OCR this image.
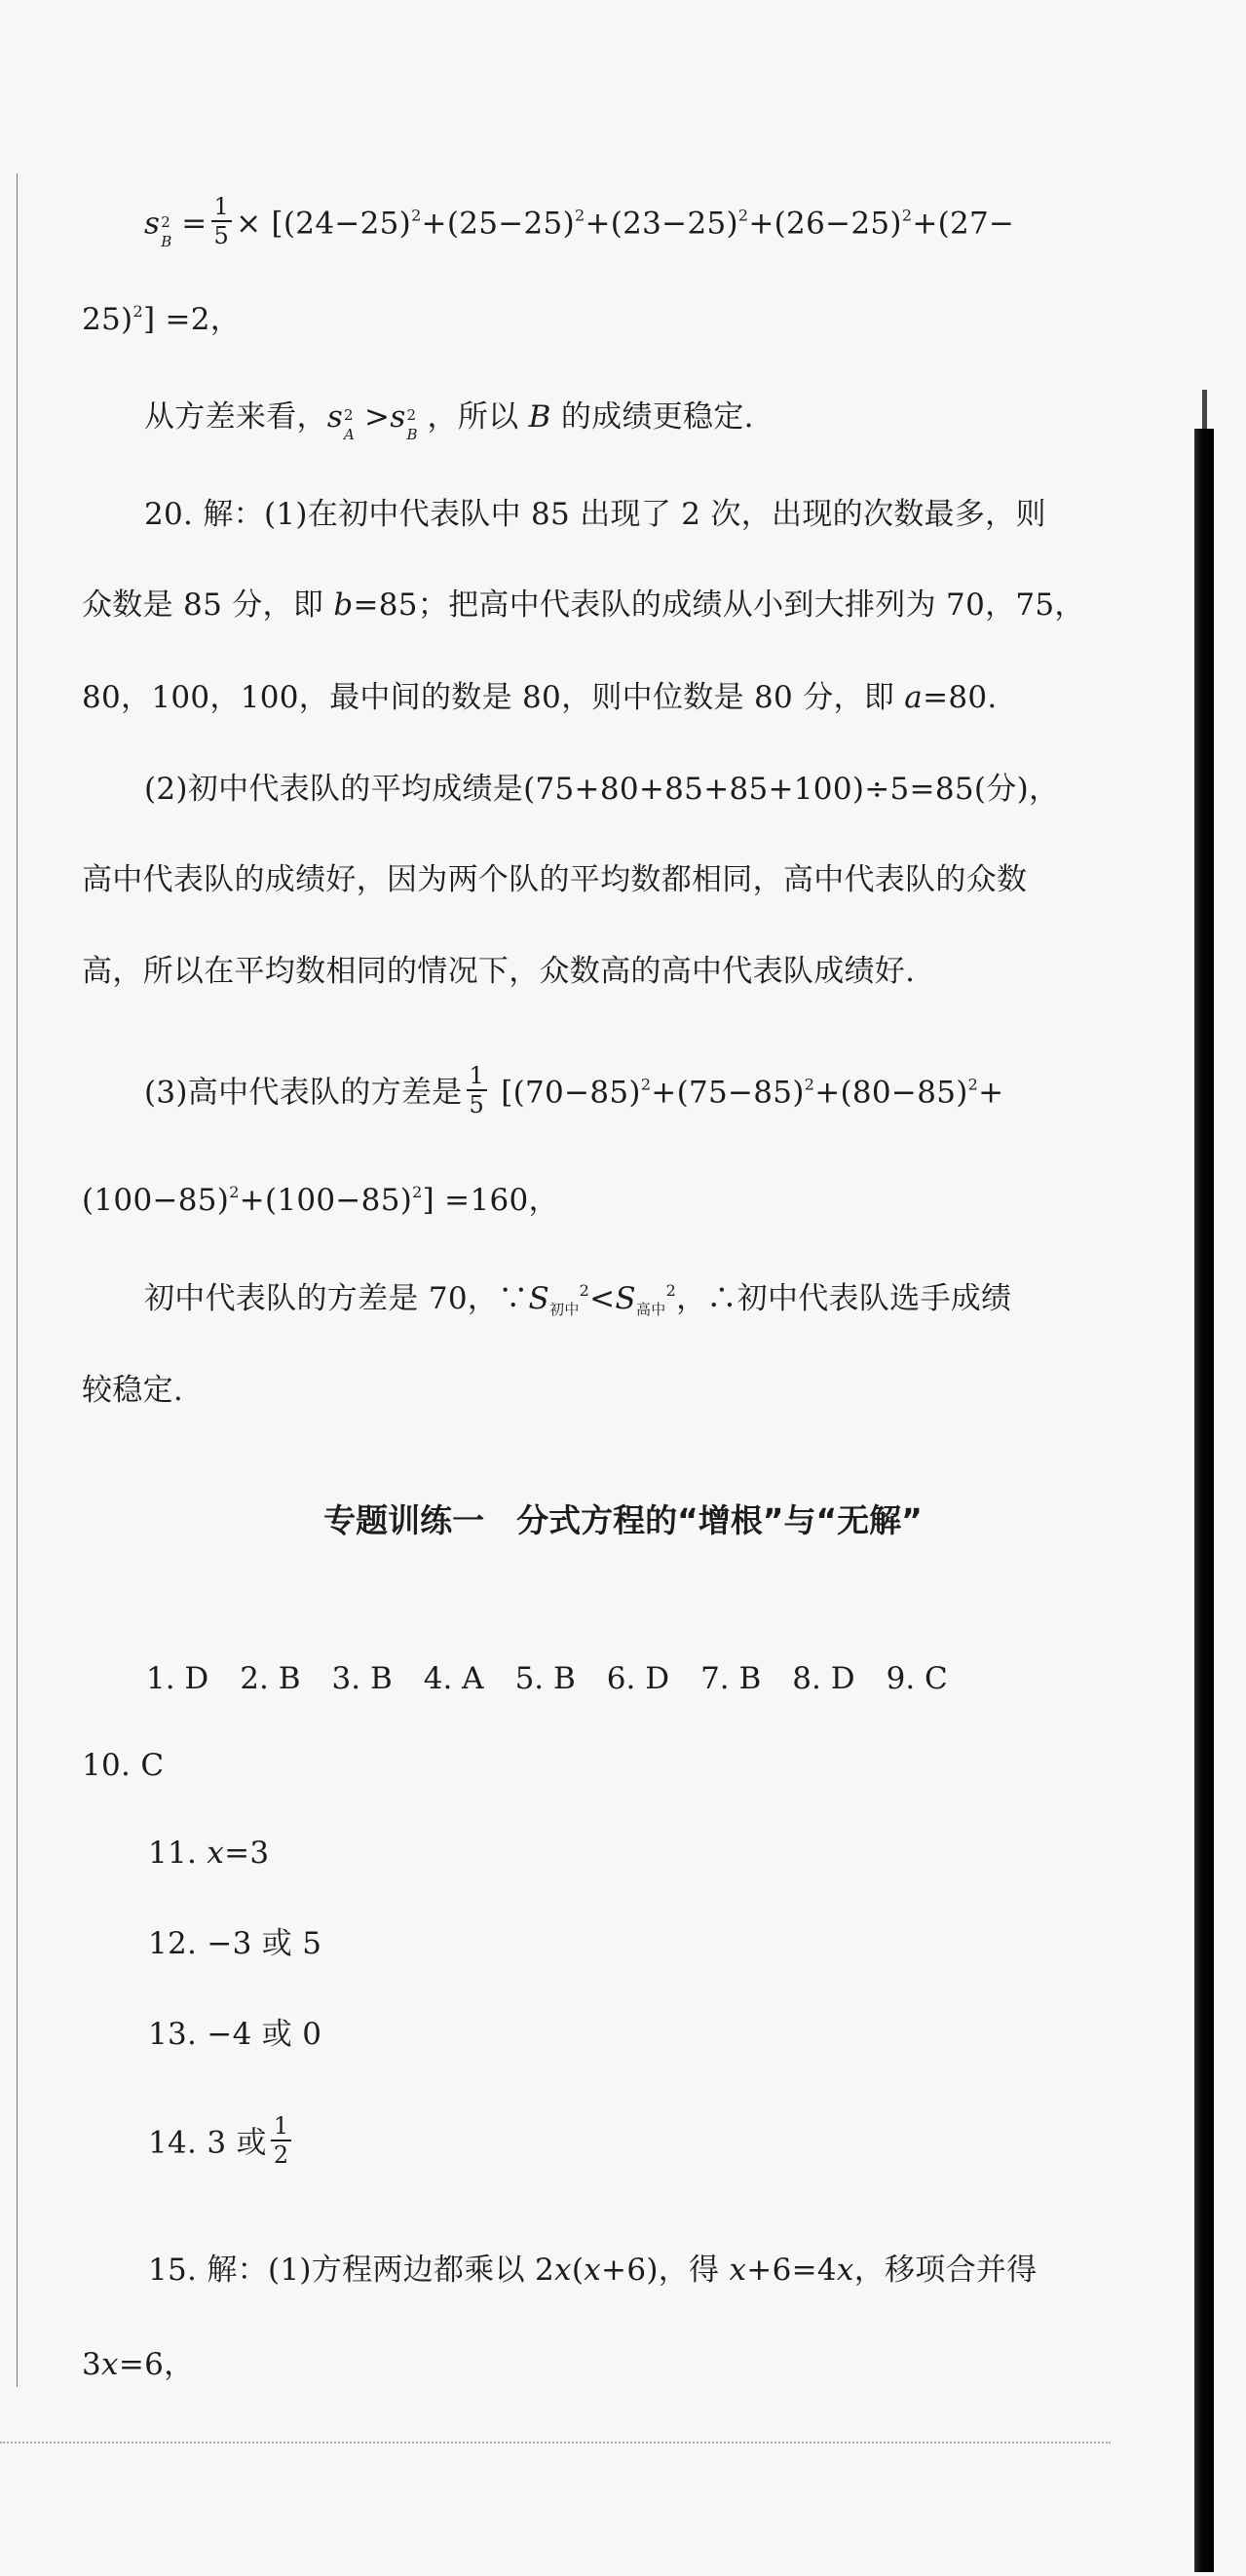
s 2
$B = \frac{1}{5} \times [(24-25)^2+(25-25)^2+(23-25)^2+(26-25)^2+(27-$
25)$^2$] =2，
从方差来看，s 2
A >s 2
B ，所以 B 的成绩更稳定.
20. 解：(1)在初中代表队中 85 出现了 2 次，出现的次数最多，则
众数是 85 分，即 b=85；把高中代表队的成绩从小到大排列为 70，75，
80，100，100，最中间的数是 80，则中位数是 80 分，即 a=80.
(2)初中代表队的平均成绩是(75+80+85+85+100)÷5=85(分)，
高中代表队的成绩好，因为两个队的平均数都相同，高中代表队的众数
高，所以在平均数相同的情况下，众数高的高中代表队成绩好.
(3)高中代表队的方差是 $\frac{1}{5} [(70-85)^2+(75-85)^2+(80-85)^2+$
$(100-85)^2+(100-85)^2] =160$，
初中代表队的方差是 70，$\because S_{初中}^2<S_{高中}^2$，∴初中代表队选手成绩
较稳定.
专题训练一　分式方程的“增根”与“无解”
1. D 2. B 3. B 4. A 5. B 6. D 7. B 8. D 9. C
10. C
11. x=3
12. −3 或 5
13. −4 或 0
14. 3 或 $\frac{1}{2}$
15. 解：(1)方程两边都乘以 2x(x+6)，得 x+6=4x，移项合并得
3x=6，
